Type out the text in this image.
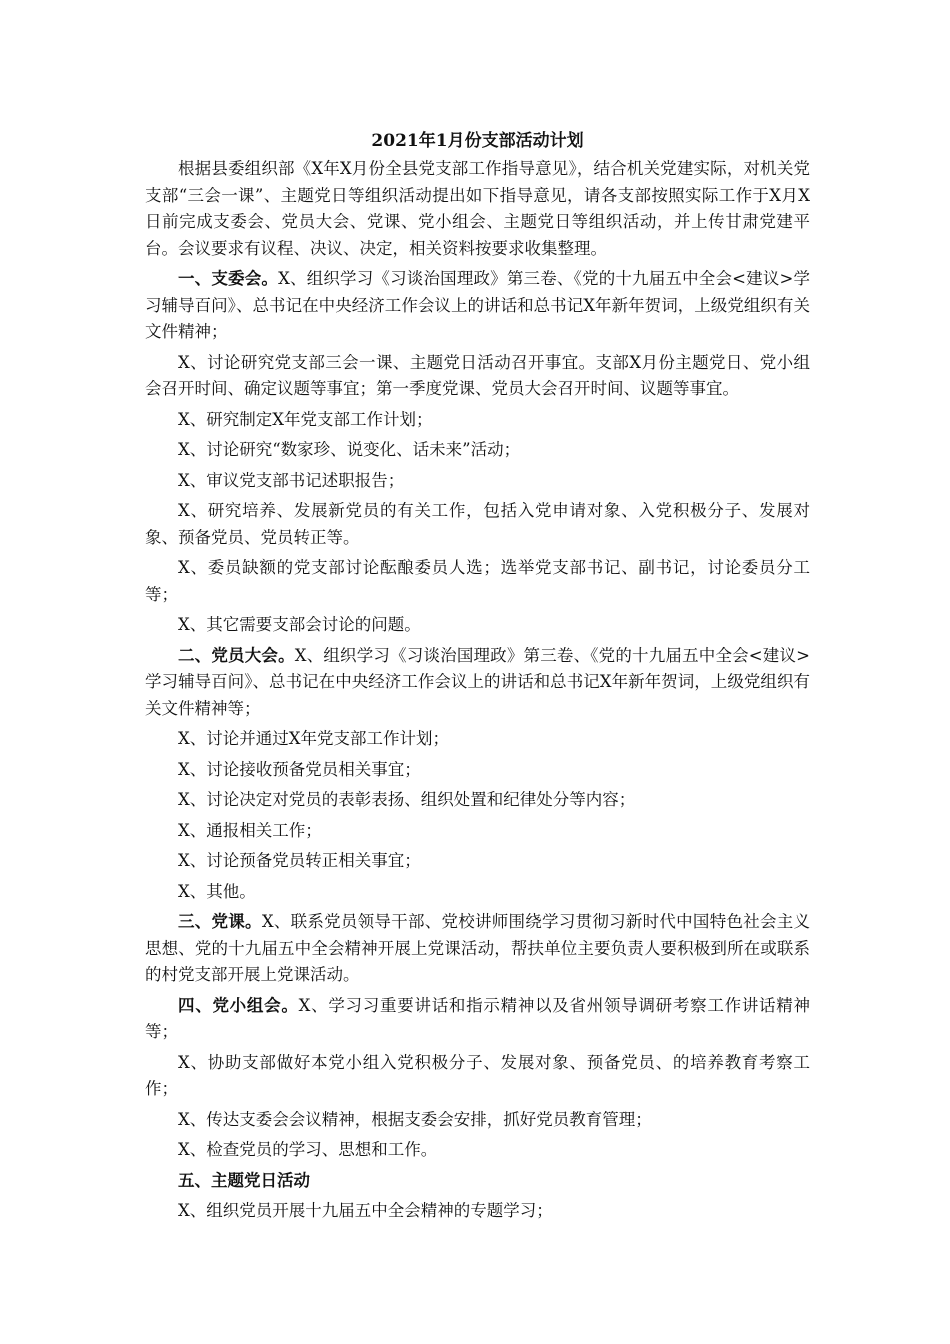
2021年1月份支部活动计划

根据县委组织部《X年X月份全县党支部工作指导意见》，结合机关党建实际，对机关党支部“三会一课”、主题党日等组织活动提出如下指导意见，请各支部按照实际工作于X月X日前完成支委会、党员大会、党课、党小组会、主题党日等组织活动，并上传甘肃党建平台。会议要求有议程、决议、决定，相关资料按要求收集整理。

一、支委会。X、组织学习《习谈治国理政》第三卷、《党的十九届五中全会<建议>学习辅导百问》、总书记在中央经济工作会议上的讲话和总书记X年新年贺词，上级党组织有关文件精神；

X、讨论研究党支部三会一课、主题党日活动召开事宜。支部X月份主题党日、党小组会召开时间、确定议题等事宜；第一季度党课、党员大会召开时间、议题等事宜。

X、研究制定X年党支部工作计划；

X、讨论研究“数家珍、说变化、话未来”活动；

X、审议党支部书记述职报告；

X、研究培养、发展新党员的有关工作，包括入党申请对象、入党积极分子、发展对象、预备党员、党员转正等。

X、委员缺额的党支部讨论酝酿委员人选；选举党支部书记、副书记，讨论委员分工等；

X、其它需要支部会讨论的问题。

二、党员大会。X、组织学习《习谈治国理政》第三卷、《党的十九届五中全会<建议>学习辅导百问》、总书记在中央经济工作会议上的讲话和总书记X年新年贺词，上级党组织有关文件精神等；

X、讨论并通过X年党支部工作计划；

X、讨论接收预备党员相关事宜；

X、讨论决定对党员的表彰表扬、组织处置和纪律处分等内容；

X、通报相关工作；

X、讨论预备党员转正相关事宜；

X、其他。

三、党课。X、联系党员领导干部、党校讲师围绕学习贯彻习新时代中国特色社会主义思想、党的十九届五中全会精神开展上党课活动，帮扶单位主要负责人要积极到所在或联系的村党支部开展上党课活动。

四、党小组会。X、学习习重要讲话和指示精神以及省州领导调研考察工作讲话精神等；

X、协助支部做好本党小组入党积极分子、发展对象、预备党员、的培养教育考察工作；

X、传达支委会会议精神，根据支委会安排，抓好党员教育管理；

X、检查党员的学习、思想和工作。

五、主题党日活动

X、组织党员开展十九届五中全会精神的专题学习；
